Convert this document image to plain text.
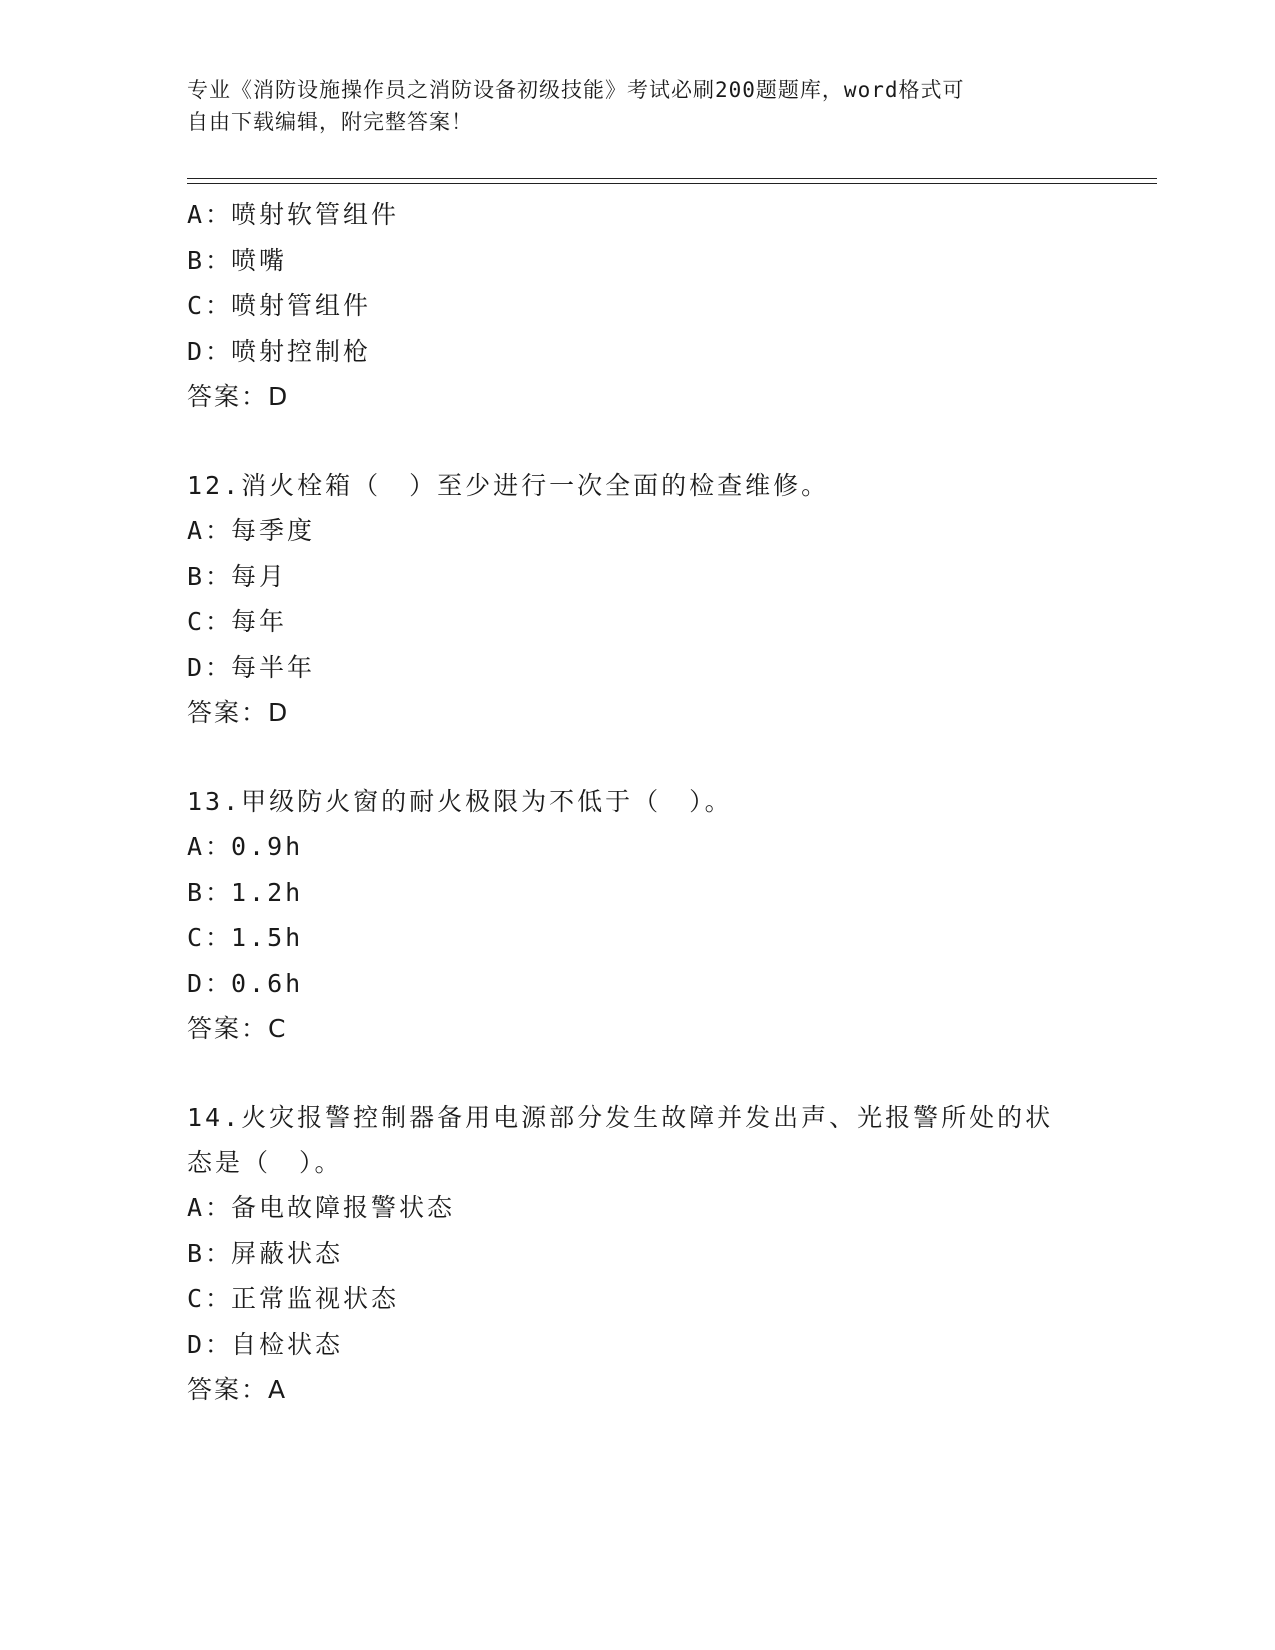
专业《消防设施操作员之消防设备初级技能》考试必刷200题题库，word格式可
自由下载编辑，附完整答案！
A：喷射软管组件
B：喷嘴
C：喷射管组件
D：喷射控制枪
答案：D
12.消火栓箱（　）至少进行一次全面的检查维修。
A：每季度
B：每月
C：每年
D：每半年
答案：D
13.甲级防火窗的耐火极限为不低于（　）。
A：0.9h
B：1.2h
C：1.5h
D：0.6h
答案：C
14.火灾报警控制器备用电源部分发生故障并发出声、光报警所处的状态是（　）。
A：备电故障报警状态
B：屏蔽状态
C：正常监视状态
D：自检状态
答案：A
